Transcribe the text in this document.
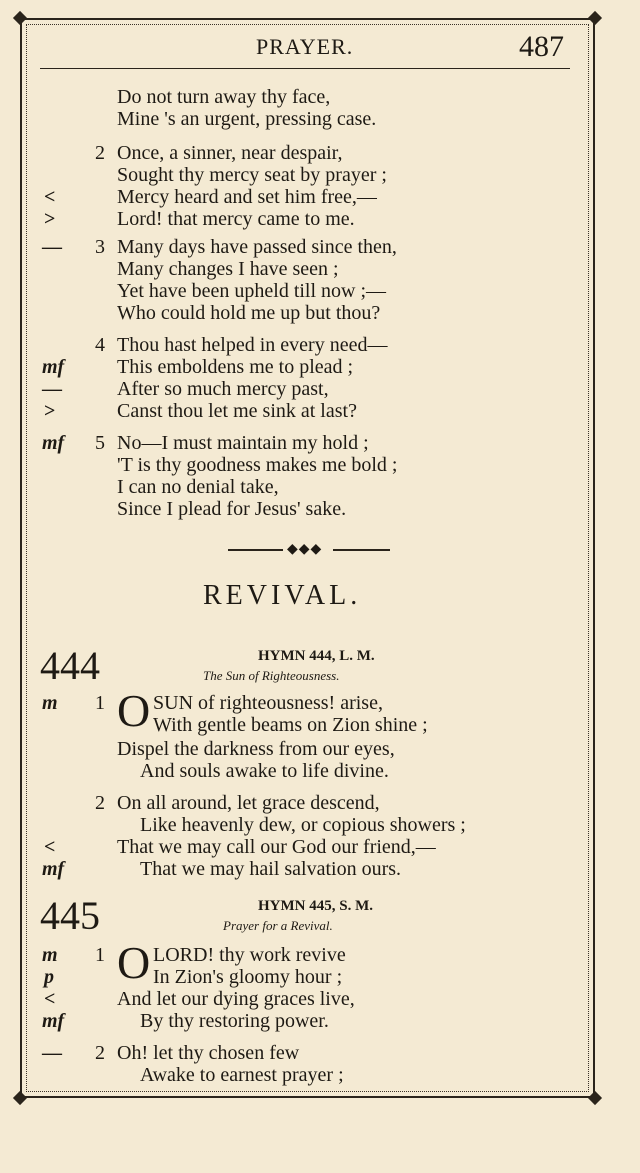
PRAYER.	487
Do not turn away thy face,
Mine 's an urgent, pressing case.
2 Once, a sinner, near despair,
Sought thy mercy seat by prayer ;
<	Mercy heard and set him free,—
>	Lord! that mercy came to me.
— 3 Many days have passed since then,
Many changes I have seen ;
Yet have been upheld till now ;—
Who could hold me up but thou?
4 Thou hast helped in every need—
mf	This emboldens me to plead ;
—	After so much mercy past,
>	Canst thou let me sink at last?
mf 5 No—I must maintain my hold ;
'T is thy goodness makes me bold ;
I can no denial take,
Since I plead for Jesus' sake.
◆◆◆
REVIVAL.
444	HYMN 444, L. M.
The Sun of Righteousness.
m 1 O SUN of righteousness! arise,
With gentle beams on Zion shine ;
Dispel the darkness from our eyes,
And souls awake to life divine.
2 On all around, let grace descend,
Like heavenly dew, or copious showers ;
<	That we may call our God our friend,—
mf	That we may hail salvation ours.
445	HYMN 445, S. M.
Prayer for a Revival.
m 1 O LORD! thy work revive
p	In Zion's gloomy hour ;
<	And let our dying graces live,
mf	By thy restoring power.
— 2 Oh! let thy chosen few
Awake to earnest prayer ;
